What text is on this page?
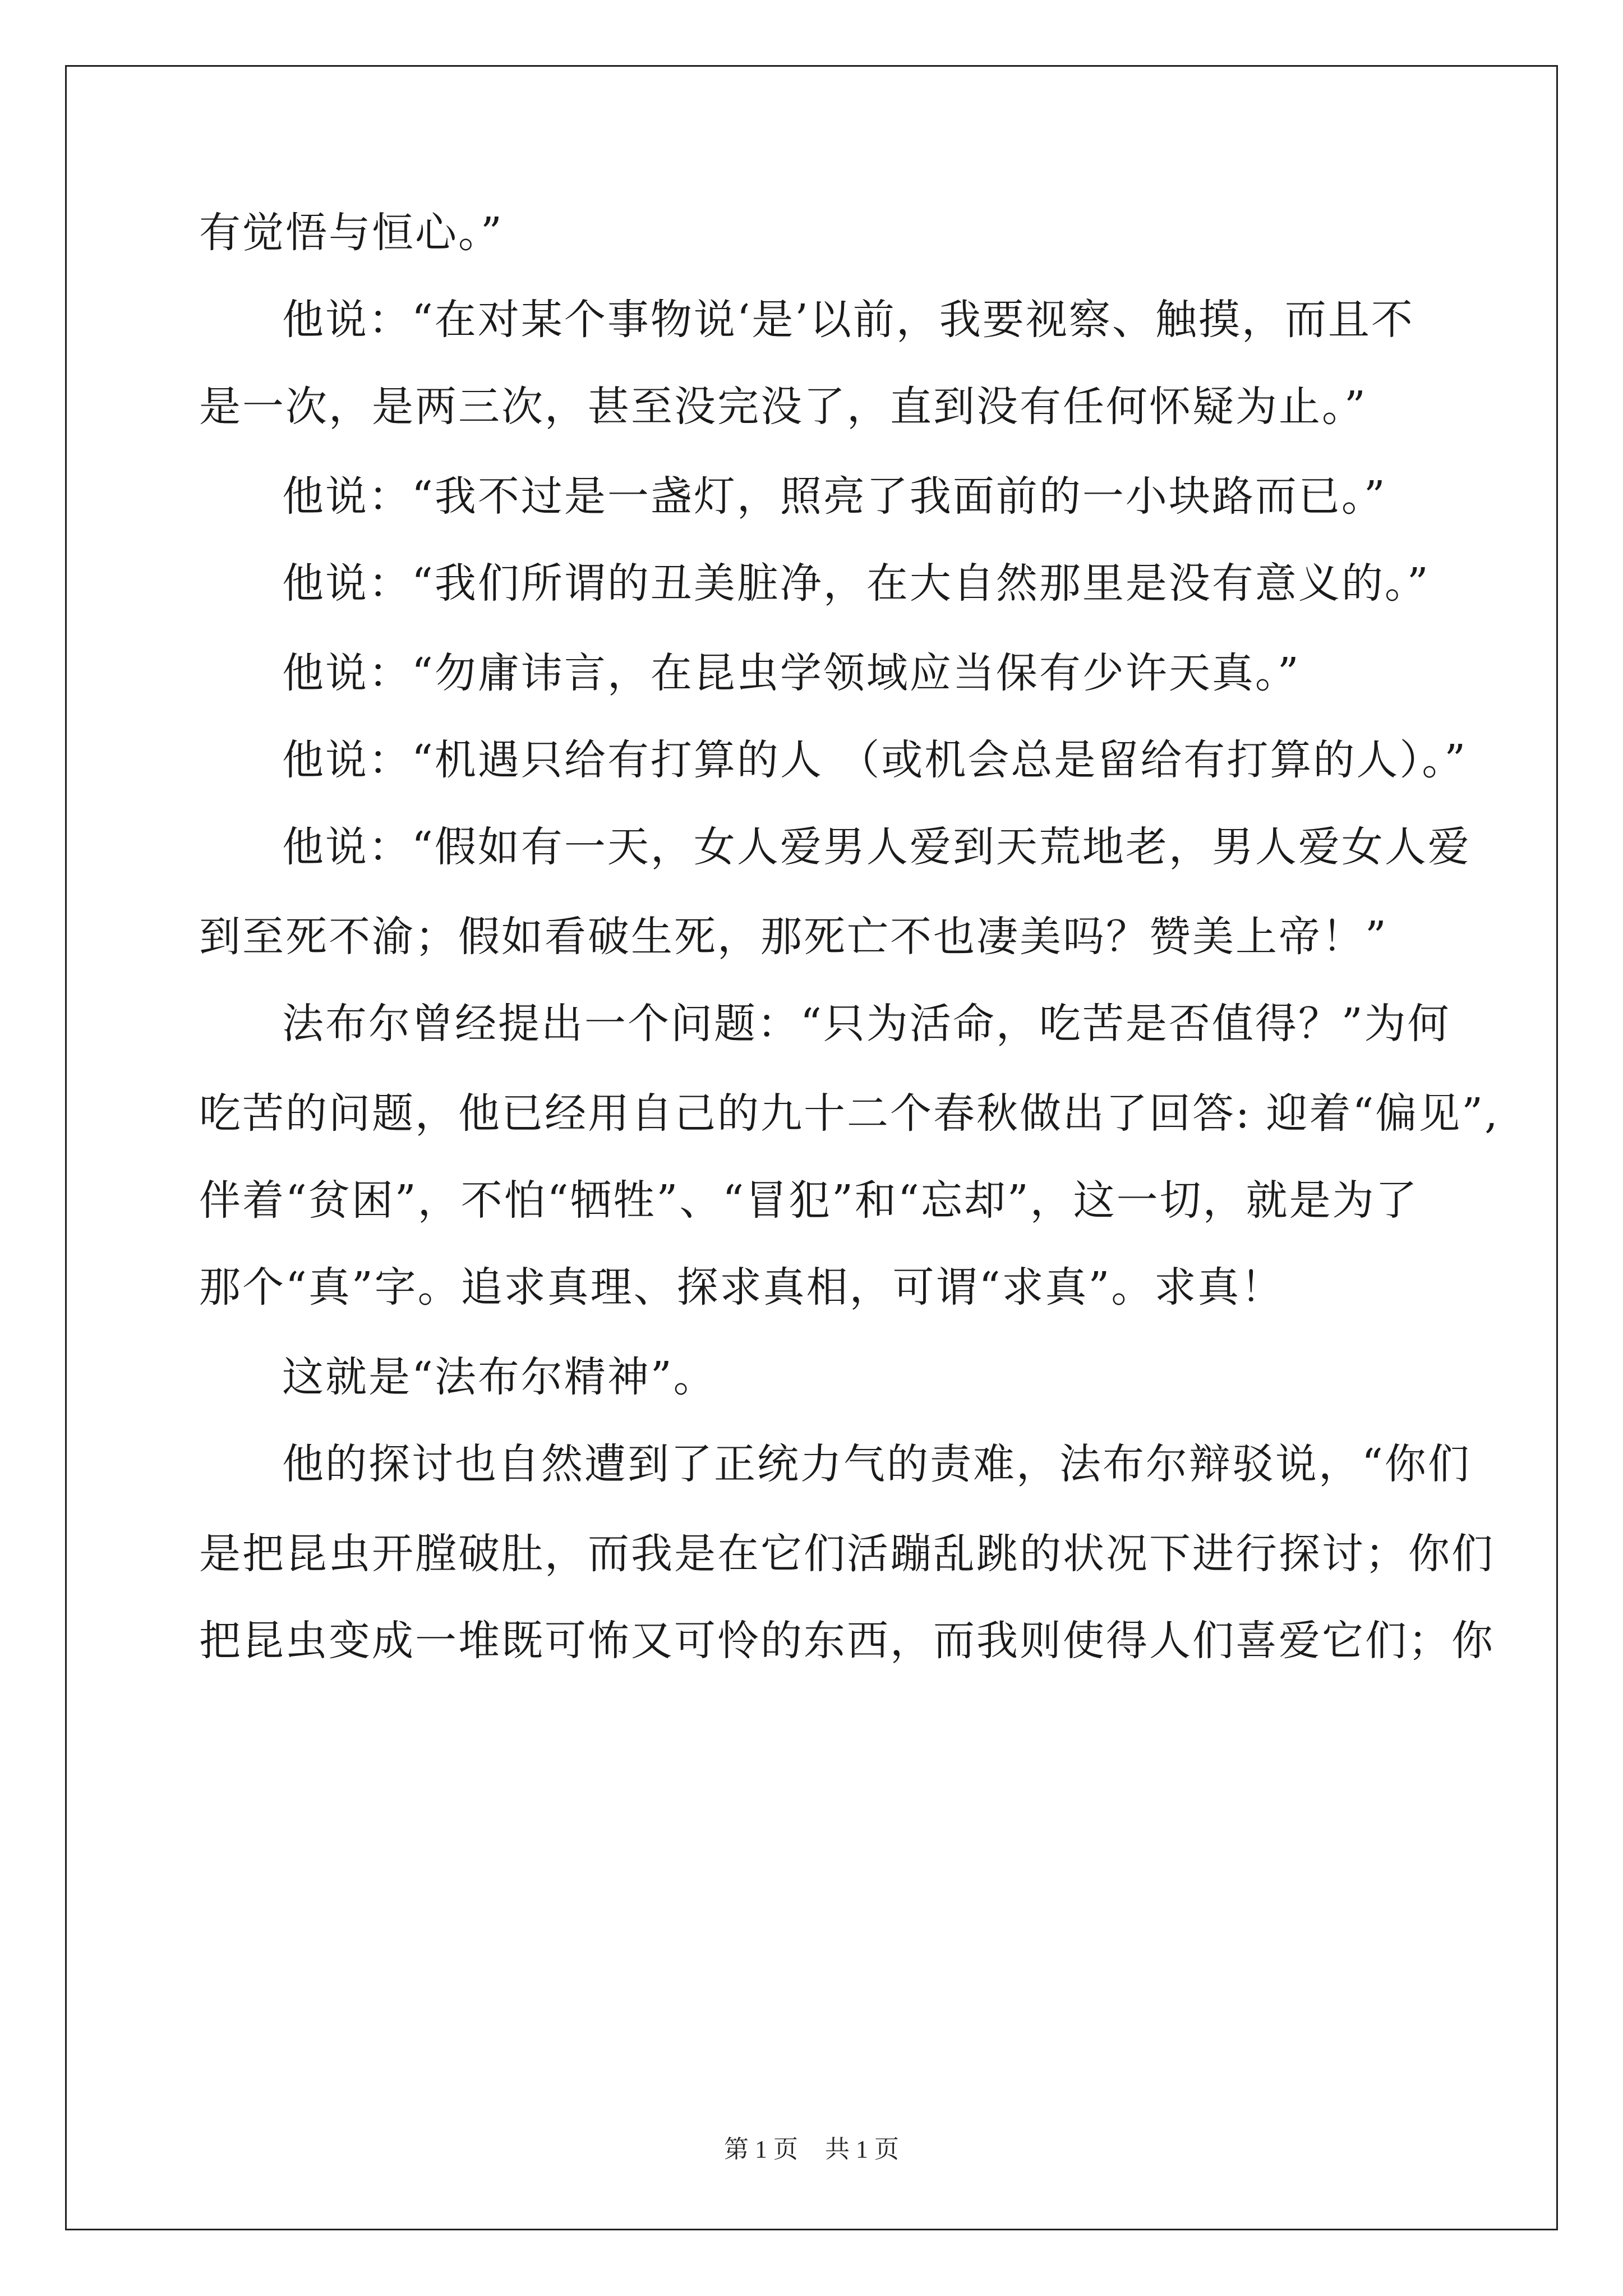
有觉悟与恒心。”
他说：“在对某个事物说‘是’以前，我要视察、触摸，而且不
是一次，是两三次，甚至没完没了，直到没有任何怀疑为止。”
他说：“我不过是一盏灯，照亮了我面前的一小块路而已。”
他说：“我们所谓的丑美脏净，在大自然那里是没有意义的。”
他说：“勿庸讳言，在昆虫学领域应当保有少许天真。”
他说：“机遇只给有打算的人 （或机会总是留给有打算的人）。”
他说：“假如有一天，女人爱男人爱到天荒地老，男人爱女人爱
到至死不渝；假如看破生死，那死亡不也凄美吗？赞美上帝！”
法布尔曾经提出一个问题：“只为活命，吃苦是否值得？”为何
吃苦的问题，他已经用自己的九十二个春秋做出了回答: 迎着“偏见”,
伴着“贫困”，不怕“牺牲”、“冒犯”和“忘却”，这一切，就是为了
那个“真”字。追求真理、探求真相，可谓“求真”。求真！
这就是“法布尔精神”。
他的探讨也自然遭到了正统力气的责难，法布尔辩驳说，“你们
是把昆虫开膛破肚，而我是在它们活蹦乱跳的状况下进行探讨；你们
把昆虫变成一堆既可怖又可怜的东西，而我则使得人们喜爱它们；你
第 1 页 共 1 页
